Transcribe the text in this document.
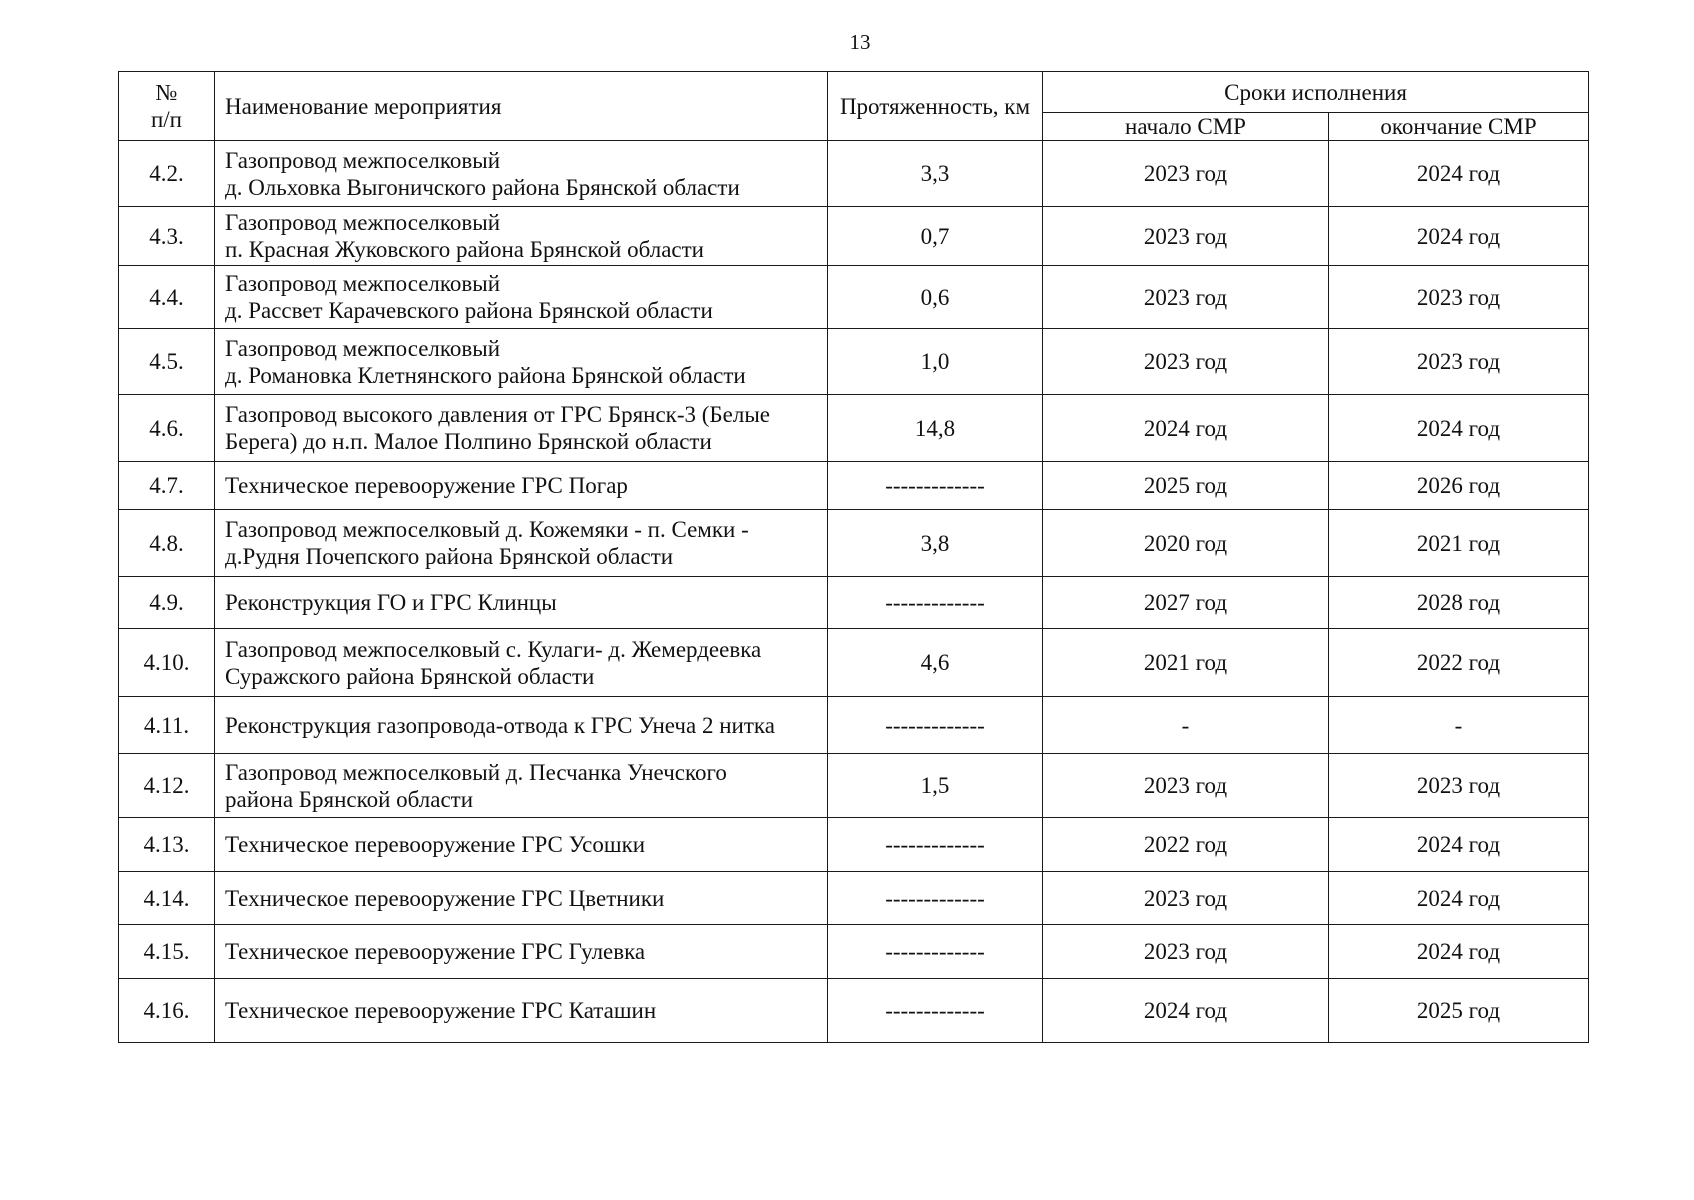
13
№
п/п	Наименование мероприятия	Протяженность, км	Сроки исполнения	
			начало СМР	окончание СМР
4.2.	Газопровод межпоселковый
д. Ольховка Выгоничского района Брянской области	3,3	2023 год	2024 год
4.3.	Газопровод межпоселковый
п. Красная Жуковского района Брянской области	0,7	2023 год	2024 год
4.4.	Газопровод межпоселковый
д. Рассвет Карачевского района Брянской области	0,6	2023 год	2023 год
4.5.	Газопровод межпоселковый
д. Романовка Клетнянского района Брянской области	1,0	2023 год	2023 год
4.6.	Газопровод высокого давления от ГРС Брянск-3 (Белые
Берега) до н.п. Малое Полпино Брянской области	14,8	2024 год	2024 год
4.7.	Техническое перевооружение ГРС Погар	-------------	2025 год	2026 год
4.8.	Газопровод межпоселковый д. Кожемяки - п. Семки -
д.Рудня Почепского района Брянской области	3,8	2020 год	2021 год
4.9.	Реконструкция ГО и ГРС Клинцы	-------------	2027 год	2028 год
4.10.	Газопровод межпоселковый с. Кулаги- д. Жемердеевка
Суражского района Брянской области	4,6	2021 год	2022 год
4.11.	Реконструкция газопровода-отвода к ГРС Унеча 2 нитка	-------------	-	-
4.12.	Газопровод межпоселковый д. Песчанка Унечского
района Брянской области	1,5	2023 год	2023 год
4.13.	Техническое перевооружение ГРС Усошки	-------------	2022 год	2024 год
4.14.	Техническое перевооружение ГРС Цветники	-------------	2023 год	2024 год
4.15.	Техническое перевооружение ГРС Гулевка	-------------	2023 год	2024 год
4.16.	Техническое перевооружение ГРС Каташин	-------------	2024 год	2025 год
